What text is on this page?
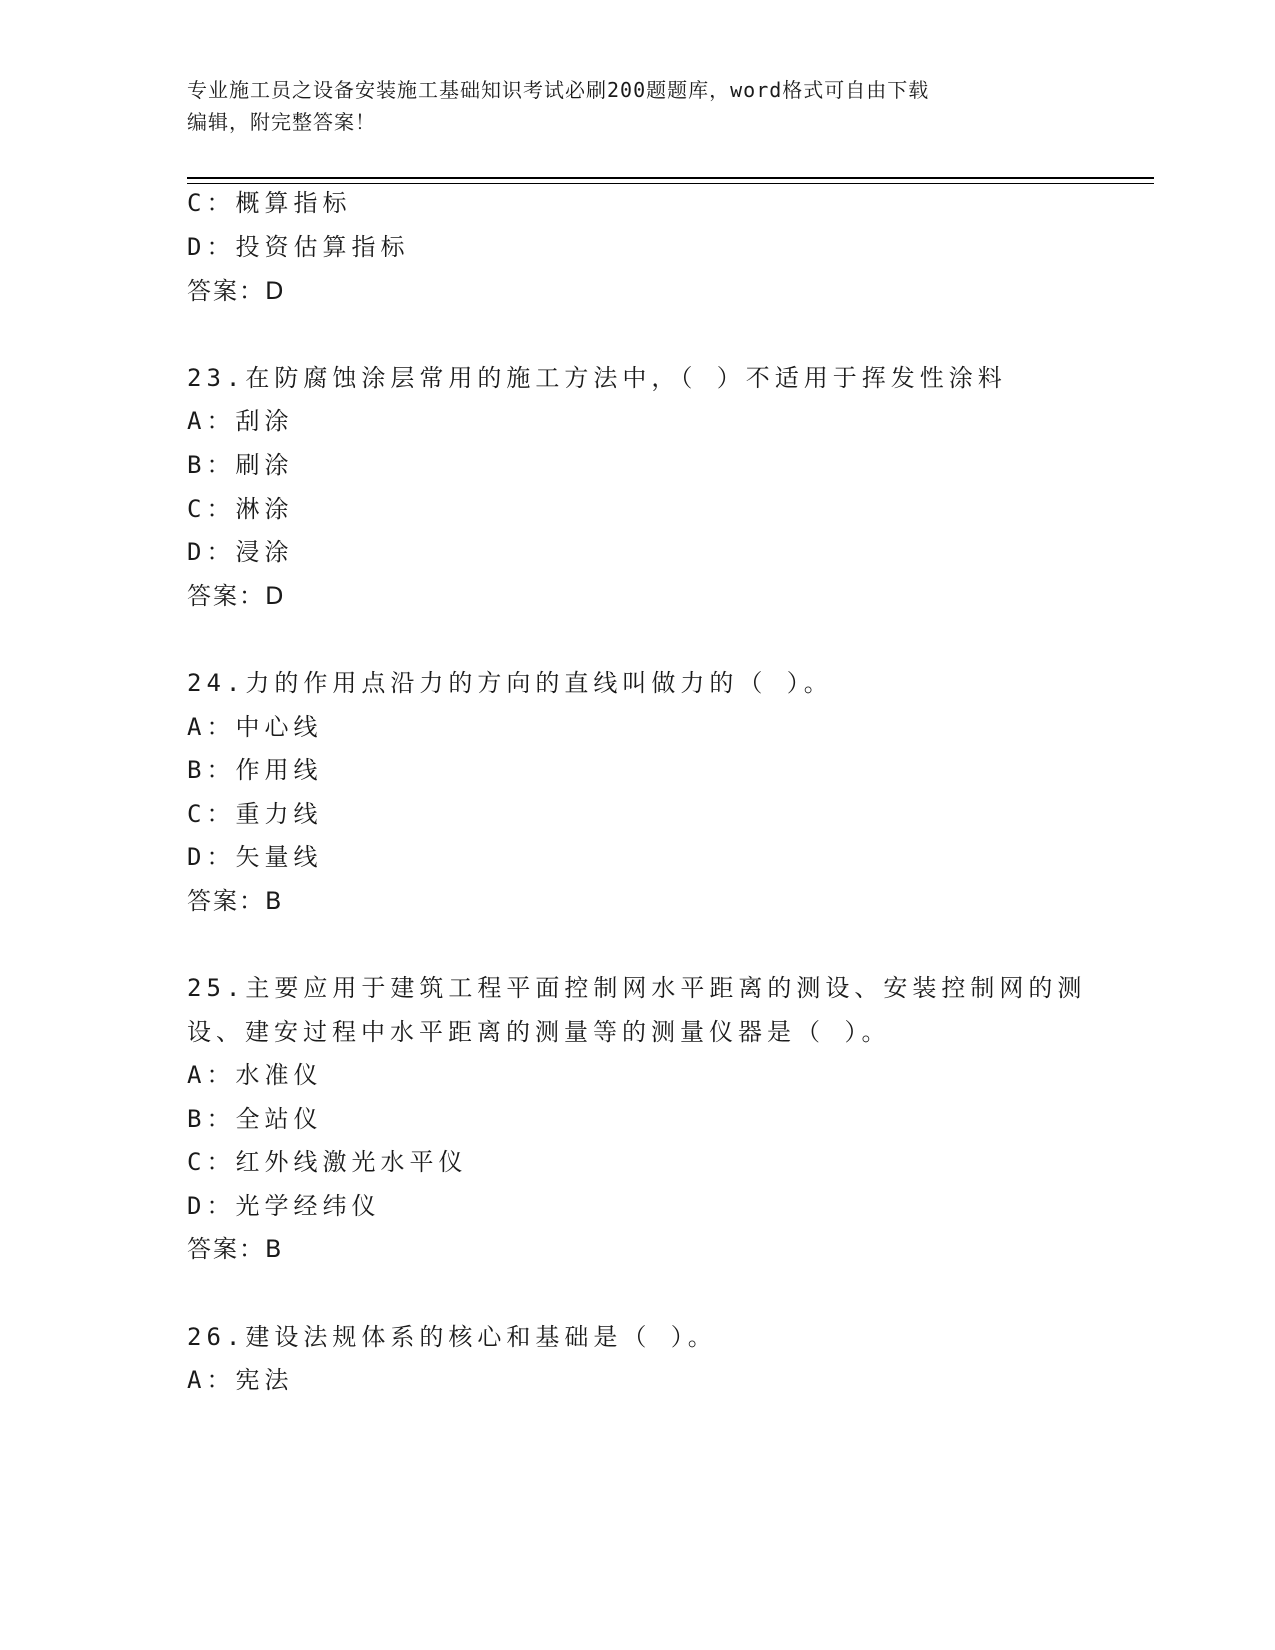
专业施工员之设备安装施工基础知识考试必刷200题题库，word格式可自由下载
编辑，附完整答案！
C：概算指标
D：投资估算指标
答案：D
23.在防腐蚀涂层常用的施工方法中，（ ）不适用于挥发性涂料
A：刮涂
B：刷涂
C：淋涂
D：浸涂
答案：D
24.力的作用点沿力的方向的直线叫做力的（ ）。
A：中心线
B：作用线
C：重力线
D：矢量线
答案：B
25.主要应用于建筑工程平面控制网水平距离的测设、安装控制网的测
设、建安过程中水平距离的测量等的测量仪器是（ ）。
A：水准仪
B：全站仪
C：红外线激光水平仪
D：光学经纬仪
答案：B
26.建设法规体系的核心和基础是（ ）。
A：宪法
